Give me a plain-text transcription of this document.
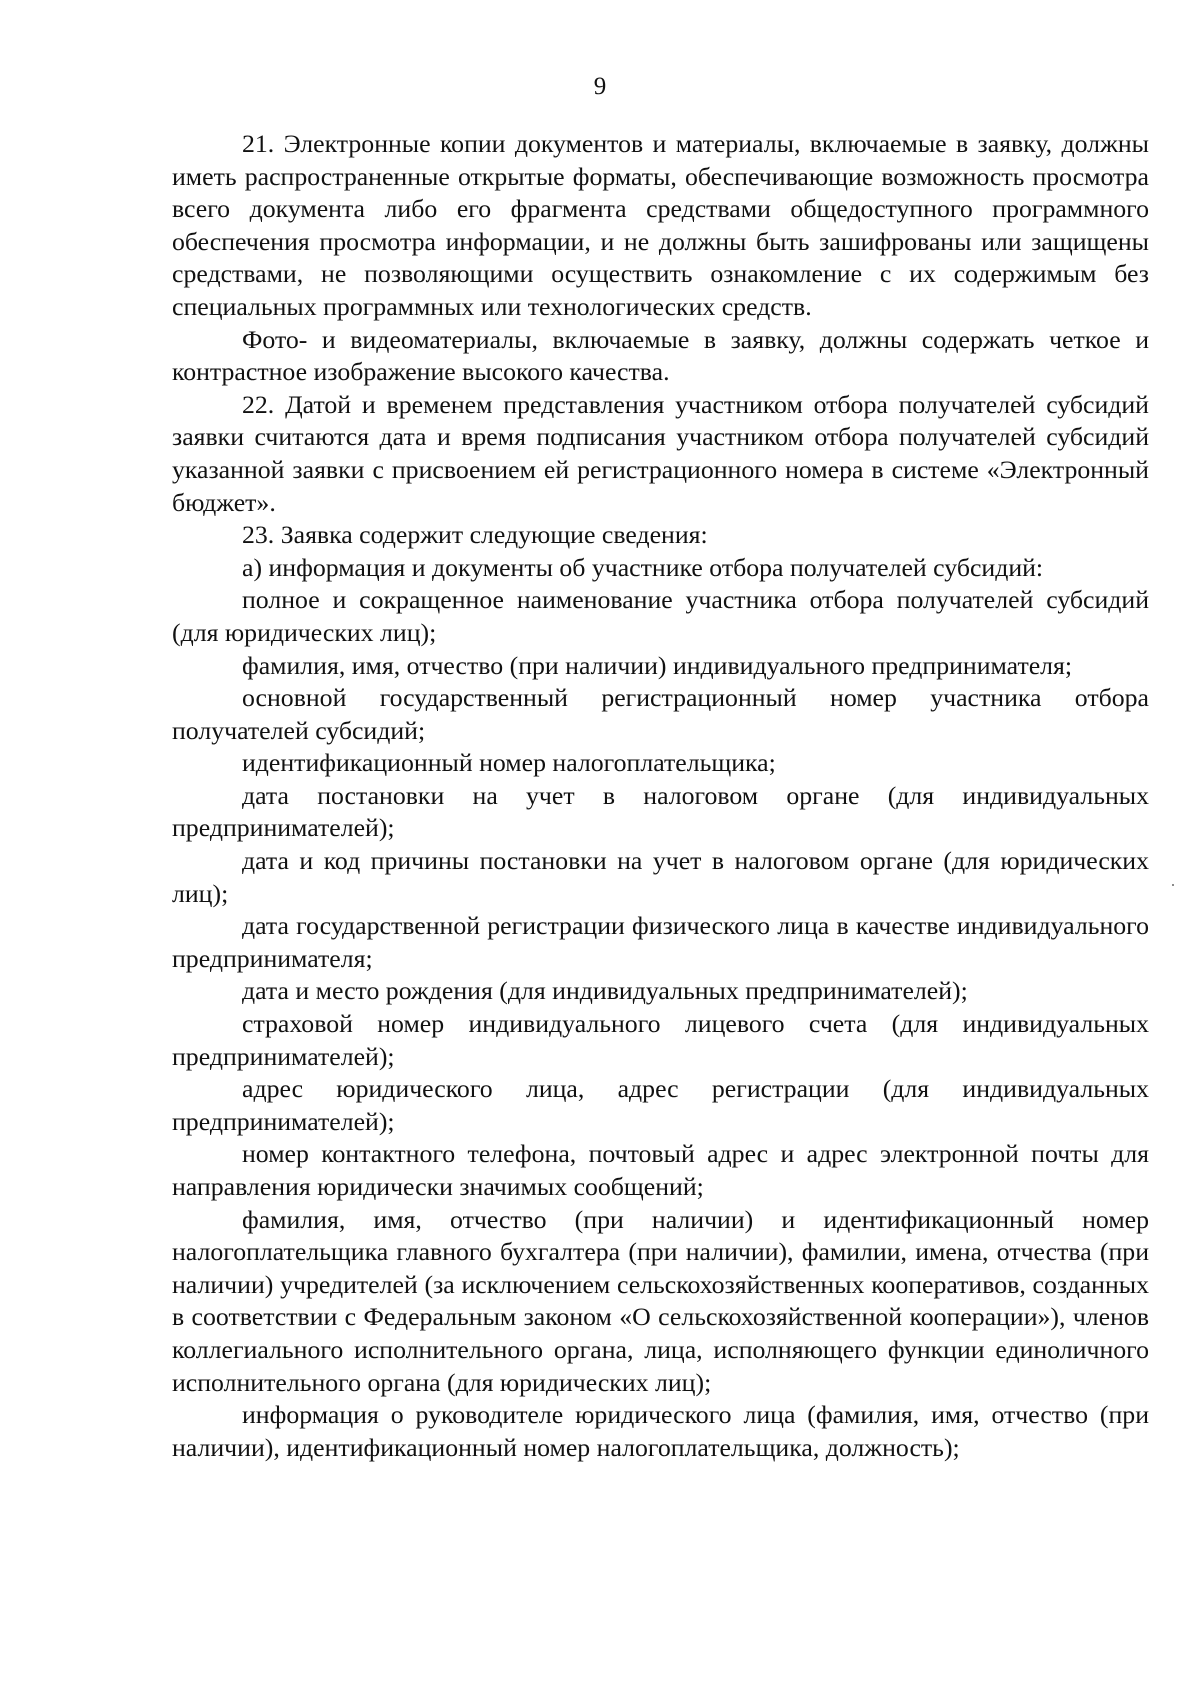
9

21. Электронные копии документов и материалы, включаемые в заявку, должны иметь распространенные открытые форматы, обеспечивающие возможность просмотра всего документа либо его фрагмента средствами общедоступного программного обеспечения просмотра информации, и не должны быть зашифрованы или защищены средствами, не позволяющими осуществить ознакомление с их содержимым без специальных программных или технологических средств.

Фото- и видеоматериалы, включаемые в заявку, должны содержать четкое и контрастное изображение высокого качества.

22. Датой и временем представления участником отбора получателей субсидий заявки считаются дата и время подписания участником отбора получателей субсидий указанной заявки с присвоением ей регистрационного номера в системе «Электронный бюджет».

23. Заявка содержит следующие сведения:

а) информация и документы об участнике отбора получателей субсидий:

полное и сокращенное наименование участника отбора получателей субсидий (для юридических лиц);

фамилия, имя, отчество (при наличии) индивидуального предпринимателя;

основной государственный регистрационный номер участника отбора получателей субсидий;

идентификационный номер налогоплательщика;

дата постановки на учет в налоговом органе (для индивидуальных предпринимателей);

дата и код причины постановки на учет в налоговом органе (для юридических лиц);

дата государственной регистрации физического лица в качестве индивидуального предпринимателя;

дата и место рождения (для индивидуальных предпринимателей);

страховой номер индивидуального лицевого счета (для индивидуальных предпринимателей);

адрес юридического лица, адрес регистрации (для индивидуальных предпринимателей);

номер контактного телефона, почтовый адрес и адрес электронной почты для направления юридически значимых сообщений;

фамилия, имя, отчество (при наличии) и идентификационный номер налогоплательщика главного бухгалтера (при наличии), фамилии, имена, отчества (при наличии) учредителей (за исключением сельскохозяйственных кооперативов, созданных в соответствии с Федеральным законом «О сельскохозяйственной кооперации»), членов коллегиального исполнительного органа, лица, исполняющего функции единоличного исполнительного органа (для юридических лиц);

информация о руководителе юридического лица (фамилия, имя, отчество (при наличии), идентификационный номер налогоплательщика, должность);
